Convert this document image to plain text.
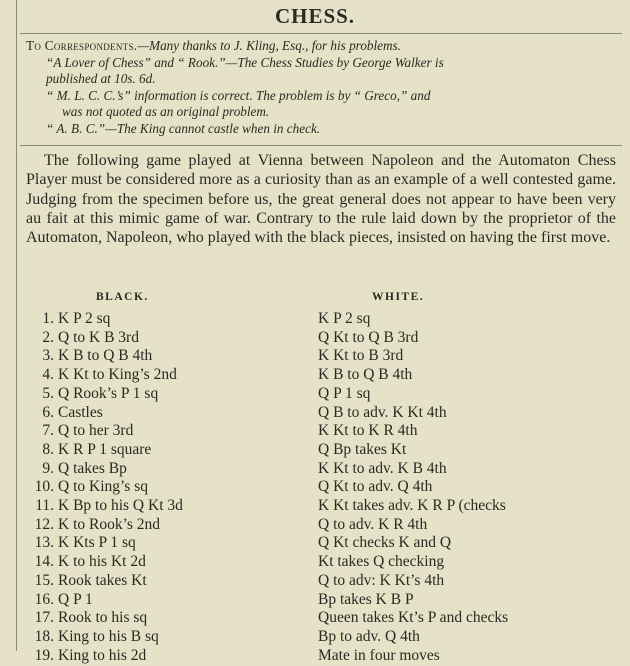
CHESS.

To Correspondents.—Many thanks to J. Kling, Esq., for his problems.

“A Lover of Chess” and “ Rook.”—The Chess Studies by George Walker is

published at 10s. 6d.

“ M. L. C. C.’s” information is correct. The problem is by “ Greco,” and

was not quoted as an original problem.

“ A. B. C.”—The King cannot castle when in check.

The following game played at Vienna between Napoleon and the Automaton Chess Player must be considered more as a curiosity than as an example of a well contested game. Judging from the specimen before us, the great general does not appear to have been very au fait at this mimic game of war. Contrary to the rule laid down by the proprietor of the Automaton, Napoleon, who played with the black pieces, insisted on having the first move.
BLACK.	WHITE.
1. K P 2 sq	K P 2 sq
2. Q to K B 3rd	Q Kt to Q B 3rd
3. K B to Q B 4th	K Kt to B 3rd
4. K Kt to King’s 2nd	K B to Q B 4th
5. Q Rook’s P 1 sq	Q P 1 sq
6. Castles	Q B to adv. K Kt 4th
7. Q to her 3rd	K Kt to K R 4th
8. K R P 1 square	Q Bp takes Kt
9. Q takes Bp	K Kt to adv. K B 4th
10. Q to King’s sq	Q Kt to adv. Q 4th
11. K Bp to his Q Kt 3d	K Kt takes adv. K R P (checks
12. K to Rook’s 2nd	Q to adv. K R 4th
13. K Kts P 1 sq	Q Kt checks K and Q
14. K to his Kt 2d	Kt takes Q checking
15. Rook takes Kt	Q to adv: K Kt’s 4th
16. Q P 1	Bp takes K B P
17. Rook to his sq	Queen takes Kt’s P and checks
18. King to his B sq	Bp to adv. Q 4th
19. King to his 2d	Mate in four moves
